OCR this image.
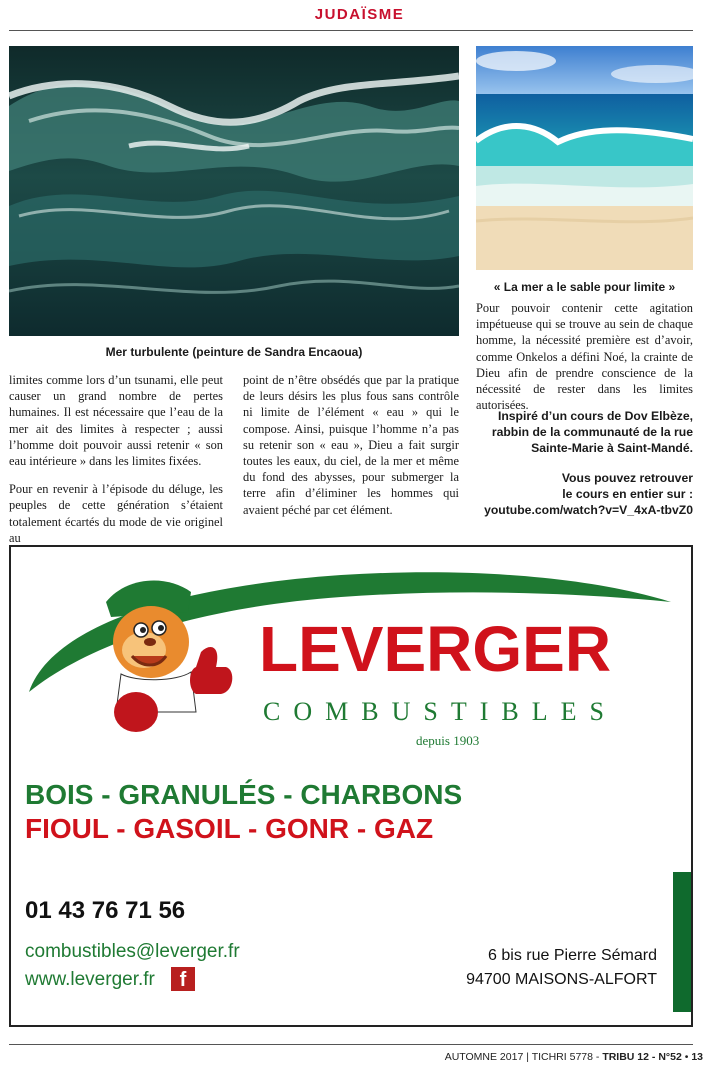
JUDAÏSME
Mer turbulente (peinture de Sandra Encaoua)
« La mer a le sable pour limite »

limites comme lors d’un tsunami, elle peut causer un grand nombre de pertes humaines. Il est nécessaire que l’eau de la mer ait des limites à respecter ; aussi l’homme doit pouvoir aussi retenir « son eau intérieure » dans les limites fixées.

Pour en revenir à l’épisode du déluge, les peuples de cette génération s’étaient totalement écartés du mode de vie originel au

point de n’être obsédés que par la pratique de leurs désirs les plus fous sans contrôle ni limite de l’élément « eau » qui le compose. Ainsi, puisque l’homme n’a pas su retenir son « eau », Dieu a fait surgir toutes les eaux, du ciel, de la mer et même du fond des abysses, pour submerger la terre afin d’éliminer les hommes qui avaient péché par cet élément.

Pour pouvoir contenir cette agitation impétueuse qui se trouve au sein de chaque homme, la nécessité première est d’avoir, comme Onkelos a défini Noé, la crainte de Dieu afin de prendre conscience de la nécessité de rester dans les limites autorisées.

Inspiré d’un cours de Dov Elbèze,
rabbin de la communauté de la rue
Sainte-Marie à Saint-Mandé.
Vous pouvez retrouver
le cours en entier sur :
youtube.com/watch?v=V_4xA-tbvZ0
LEVERGER
COMBUSTIBLES
depuis 1903
BOIS - GRANULÉS - CHARBONS
FIOUL - GASOIL - GONR - GAZ
01 43 76 71 56
combustibles@leverger.fr
www.leverger.fr	f
6 bis rue Pierre Sémard
94700 MAISONS-ALFORT
AUTOMNE 2017 | TICHRI 5778 - TRIBU 12 - N°52 • 13
